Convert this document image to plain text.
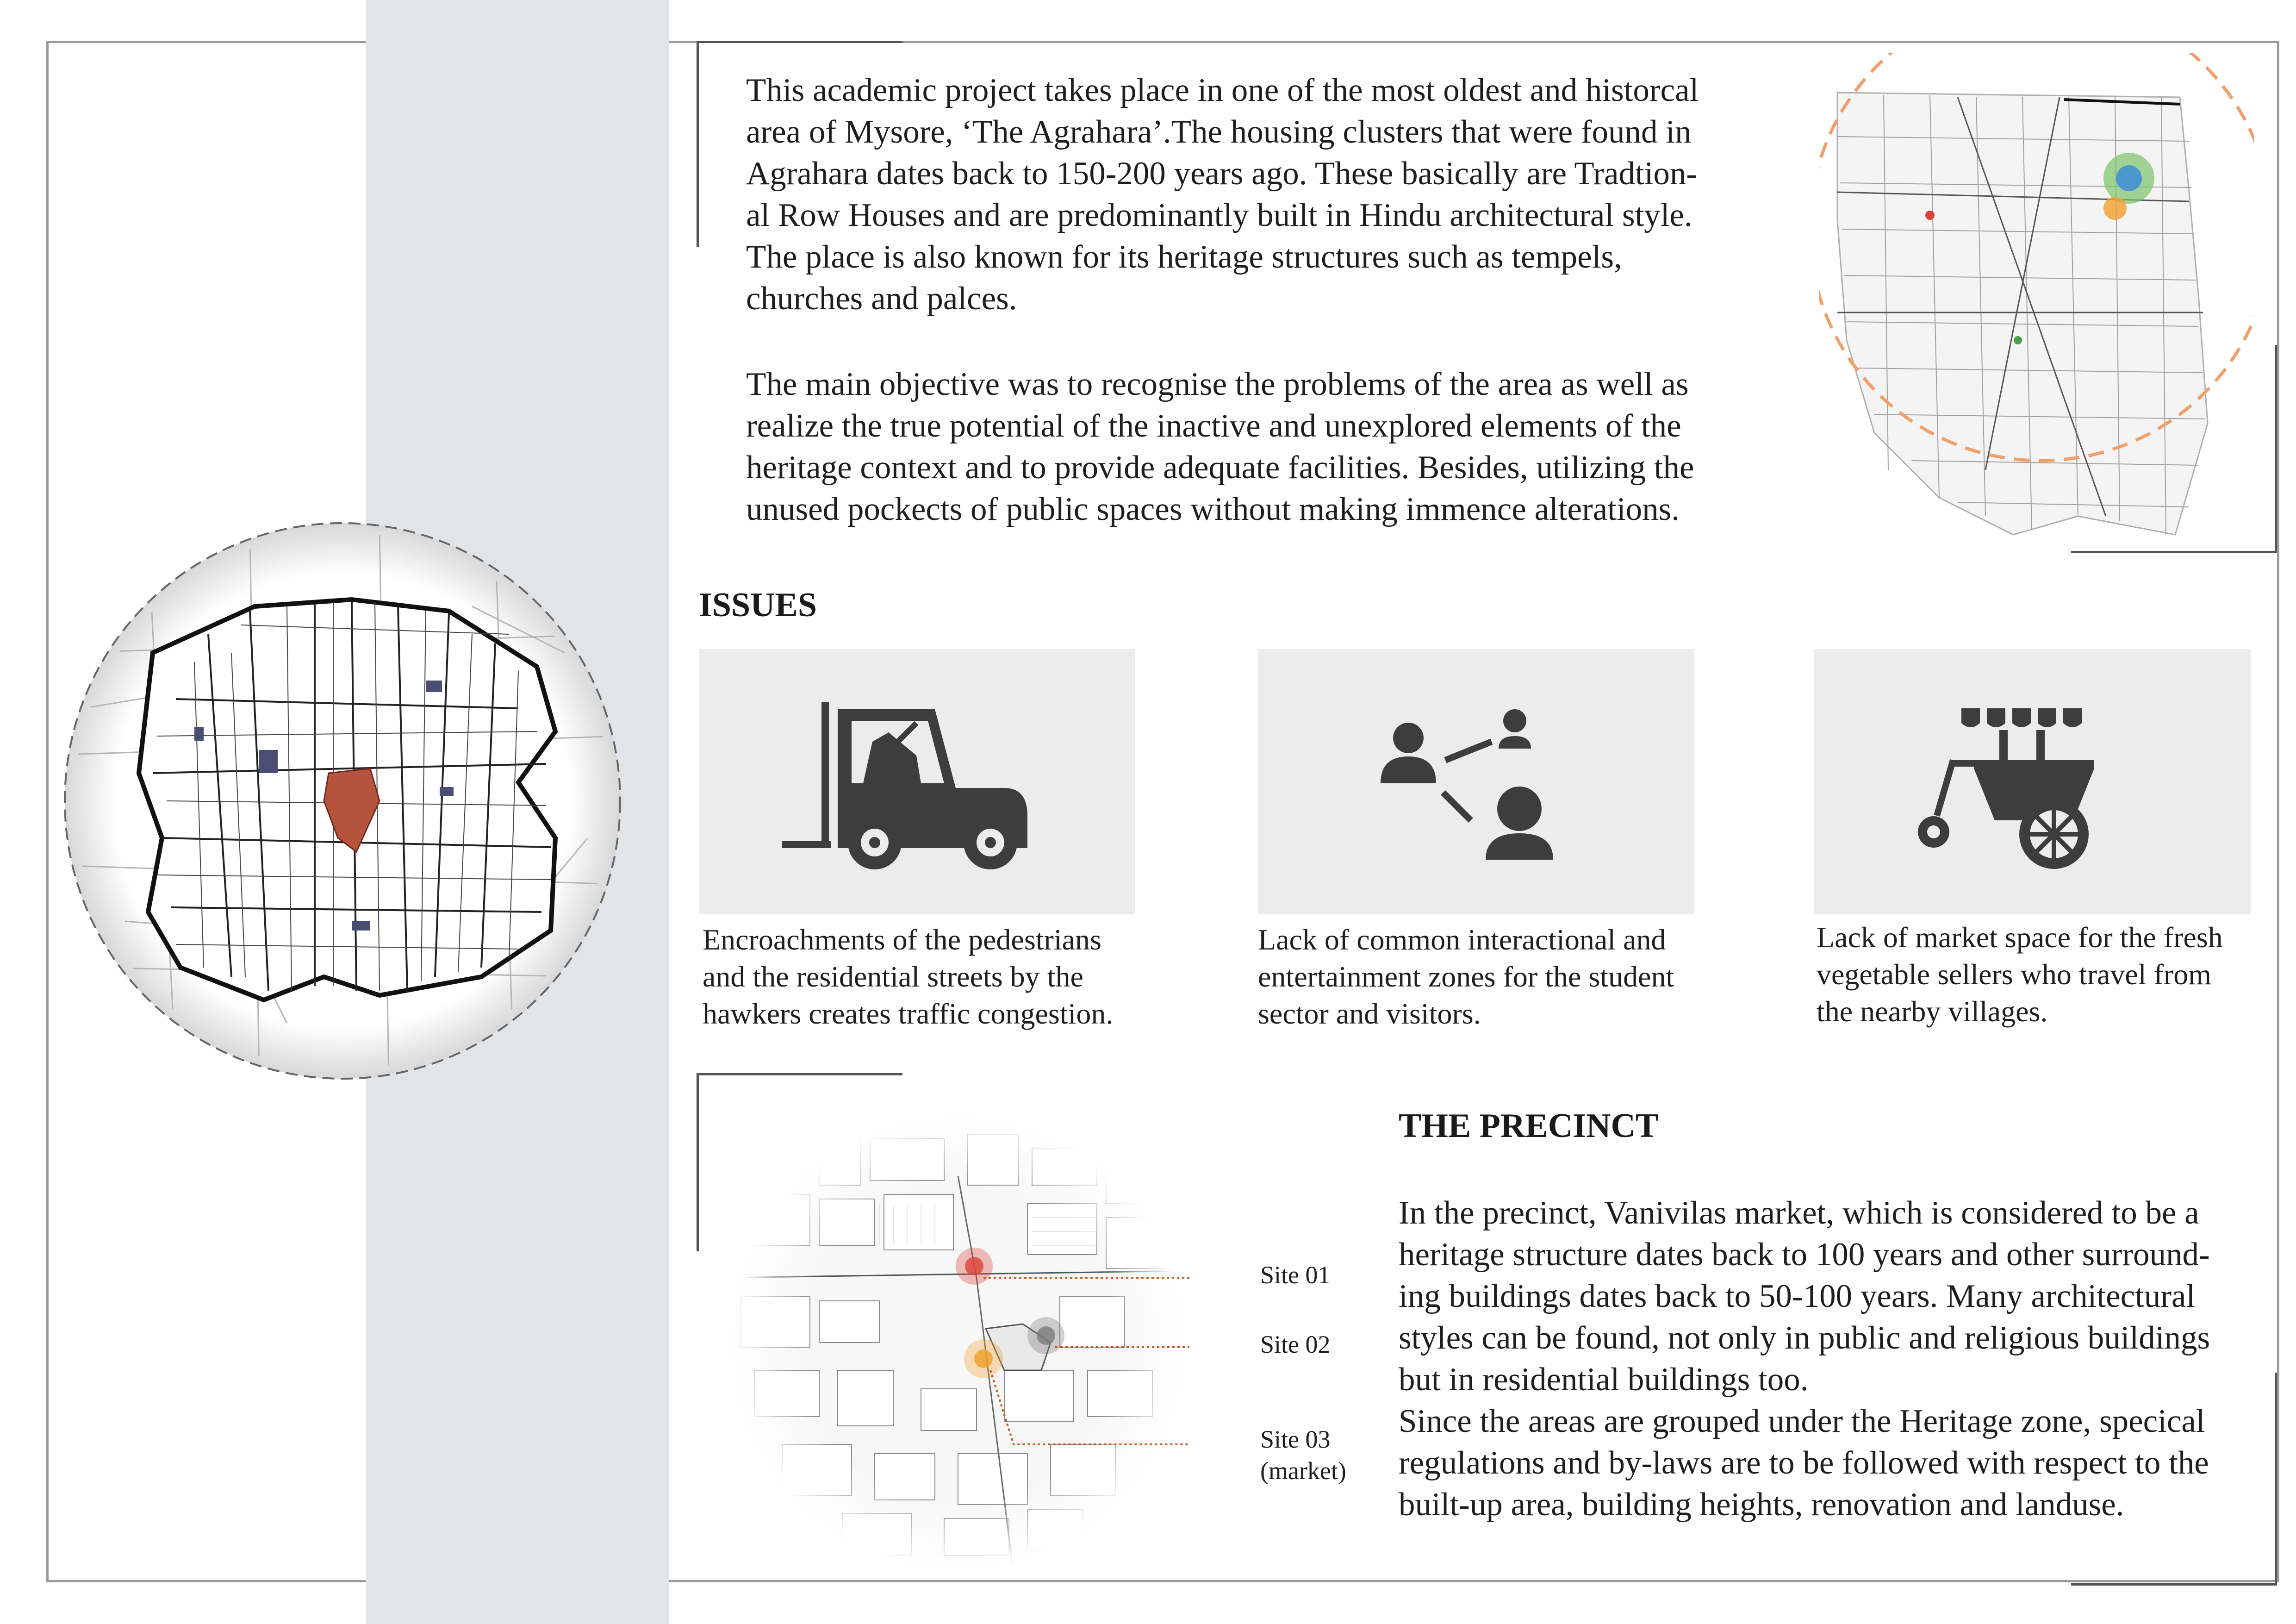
This academic project takes place in one of the most oldest and historcal
area of Mysore, ‘The Agrahara’.The housing clusters that were found in
Agrahara dates back to 150-200 years ago. These basically are Tradtion-
al Row Houses and are predominantly built in Hindu architectural style.
The place is also known for its heritage structures such as tempels,
churches and palces.
The main objective was to recognise the problems of the area as well as
realize the true potential of the inactive and unexplored elements of the
heritage context and to provide adequate facilities. Besides, utilizing the
unused pockects of public spaces without making immence alterations.
ISSUES
Encroachments of the pedestrians
and the residential streets by the
hawkers creates traffic congestion.
Lack of common interactional and
entertainment zones for the student
sector and visitors.
Lack of market space for the fresh
vegetable sellers who travel from
the nearby villages.
Site 01
Site 02
Site 03
(market)
THE PRECINCT
In the precinct, Vanivilas market, which is considered to be a
heritage structure dates back to 100 years and other surround-
ing buildings dates back to 50-100 years. Many architectural
styles can be found, not only in public and religious buildings
but in residential buildings too.
Since the areas are grouped under the Heritage zone, specical
regulations and by-laws are to be followed with respect to the
built-up area, building heights, renovation and landuse.
